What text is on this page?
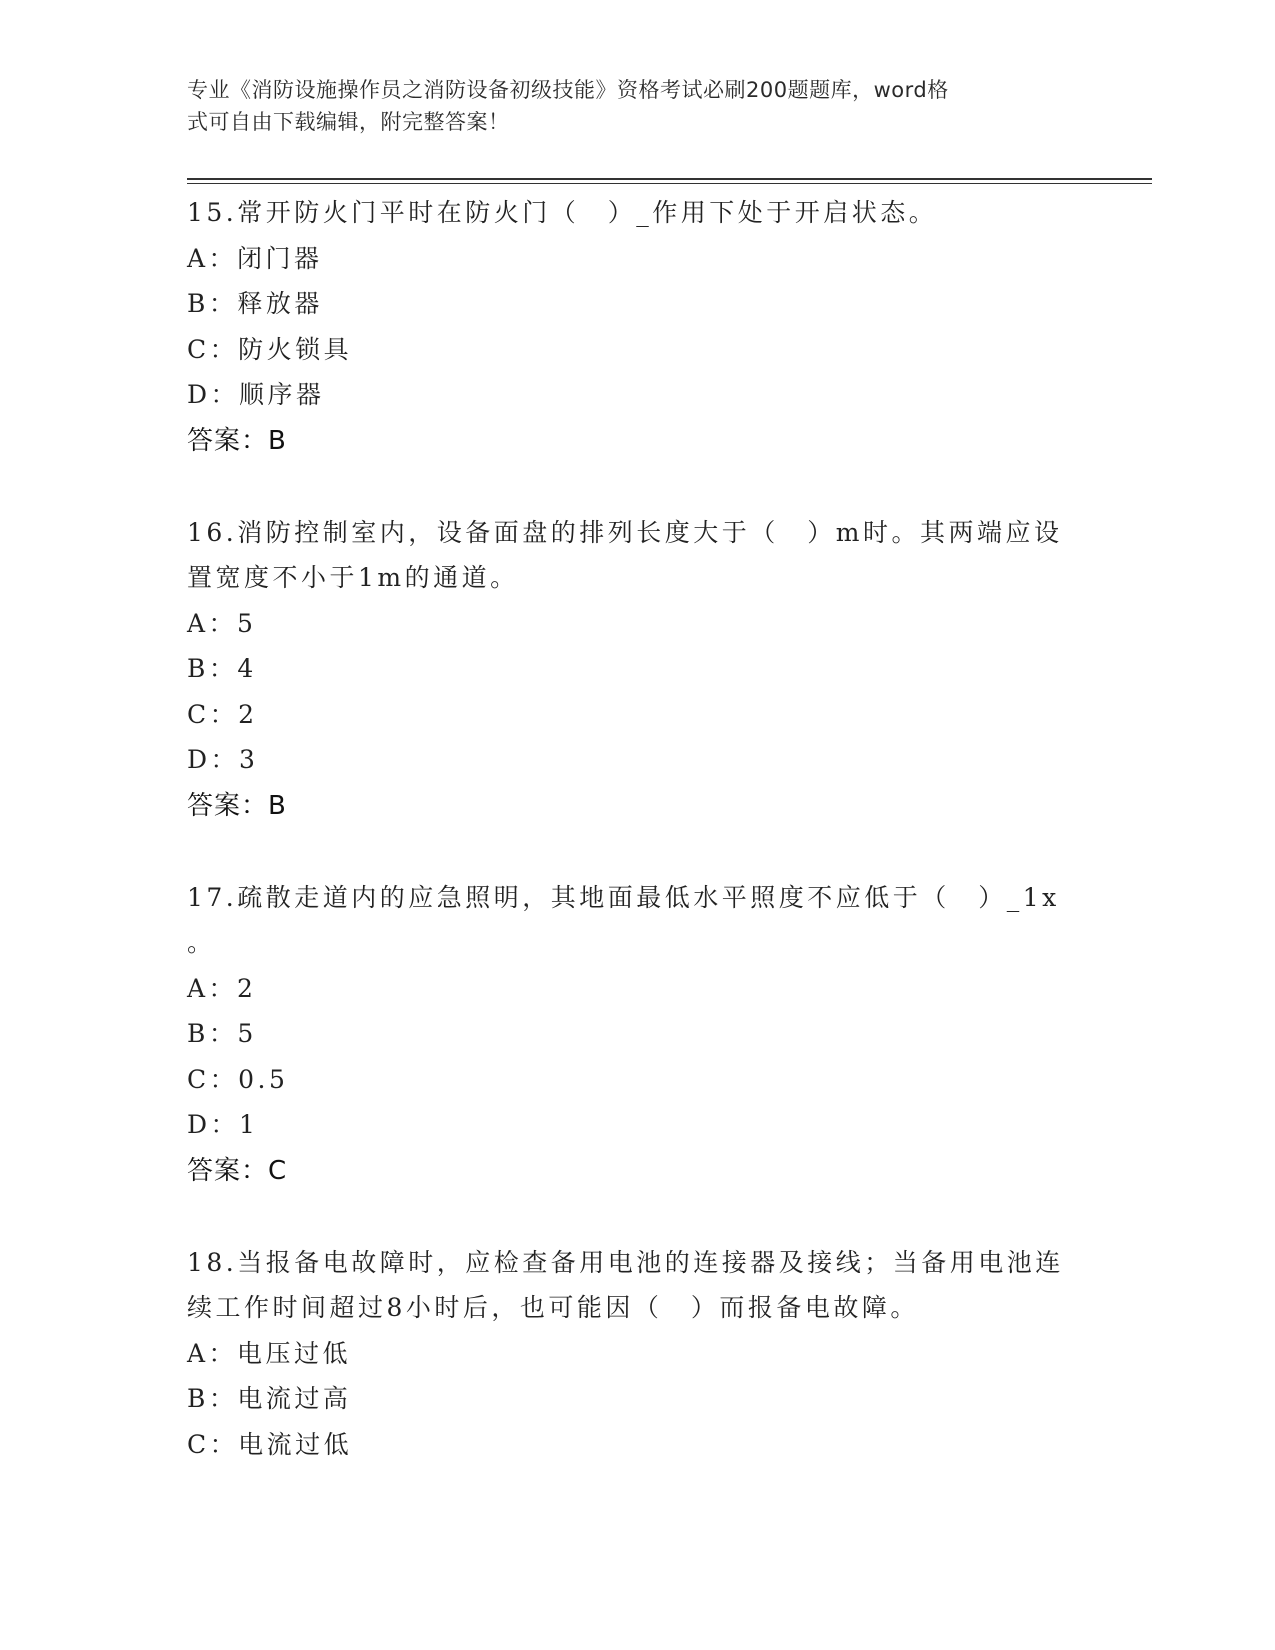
专业《消防设施操作员之消防设备初级技能》资格考试必刷200题题库，word格
式可自由下载编辑，附完整答案！
15.常开防火门平时在防火门（　）_作用下处于开启状态。
A：闭门器
B：释放器
C：防火锁具
D：顺序器
答案：B
16.消防控制室内，设备面盘的排列长度大于（　）m时。其两端应设
置宽度不小于1m的通道。
A：5
B：4
C：2
D：3
答案：B
17.疏散走道内的应急照明，其地面最低水平照度不应低于（　）_1x
。
A：2
B：5
C：0.5
D：1
答案：C
18.当报备电故障时，应检查备用电池的连接器及接线；当备用电池连
续工作时间超过8小时后，也可能因（　）而报备电故障。
A：电压过低
B：电流过高
C：电流过低
